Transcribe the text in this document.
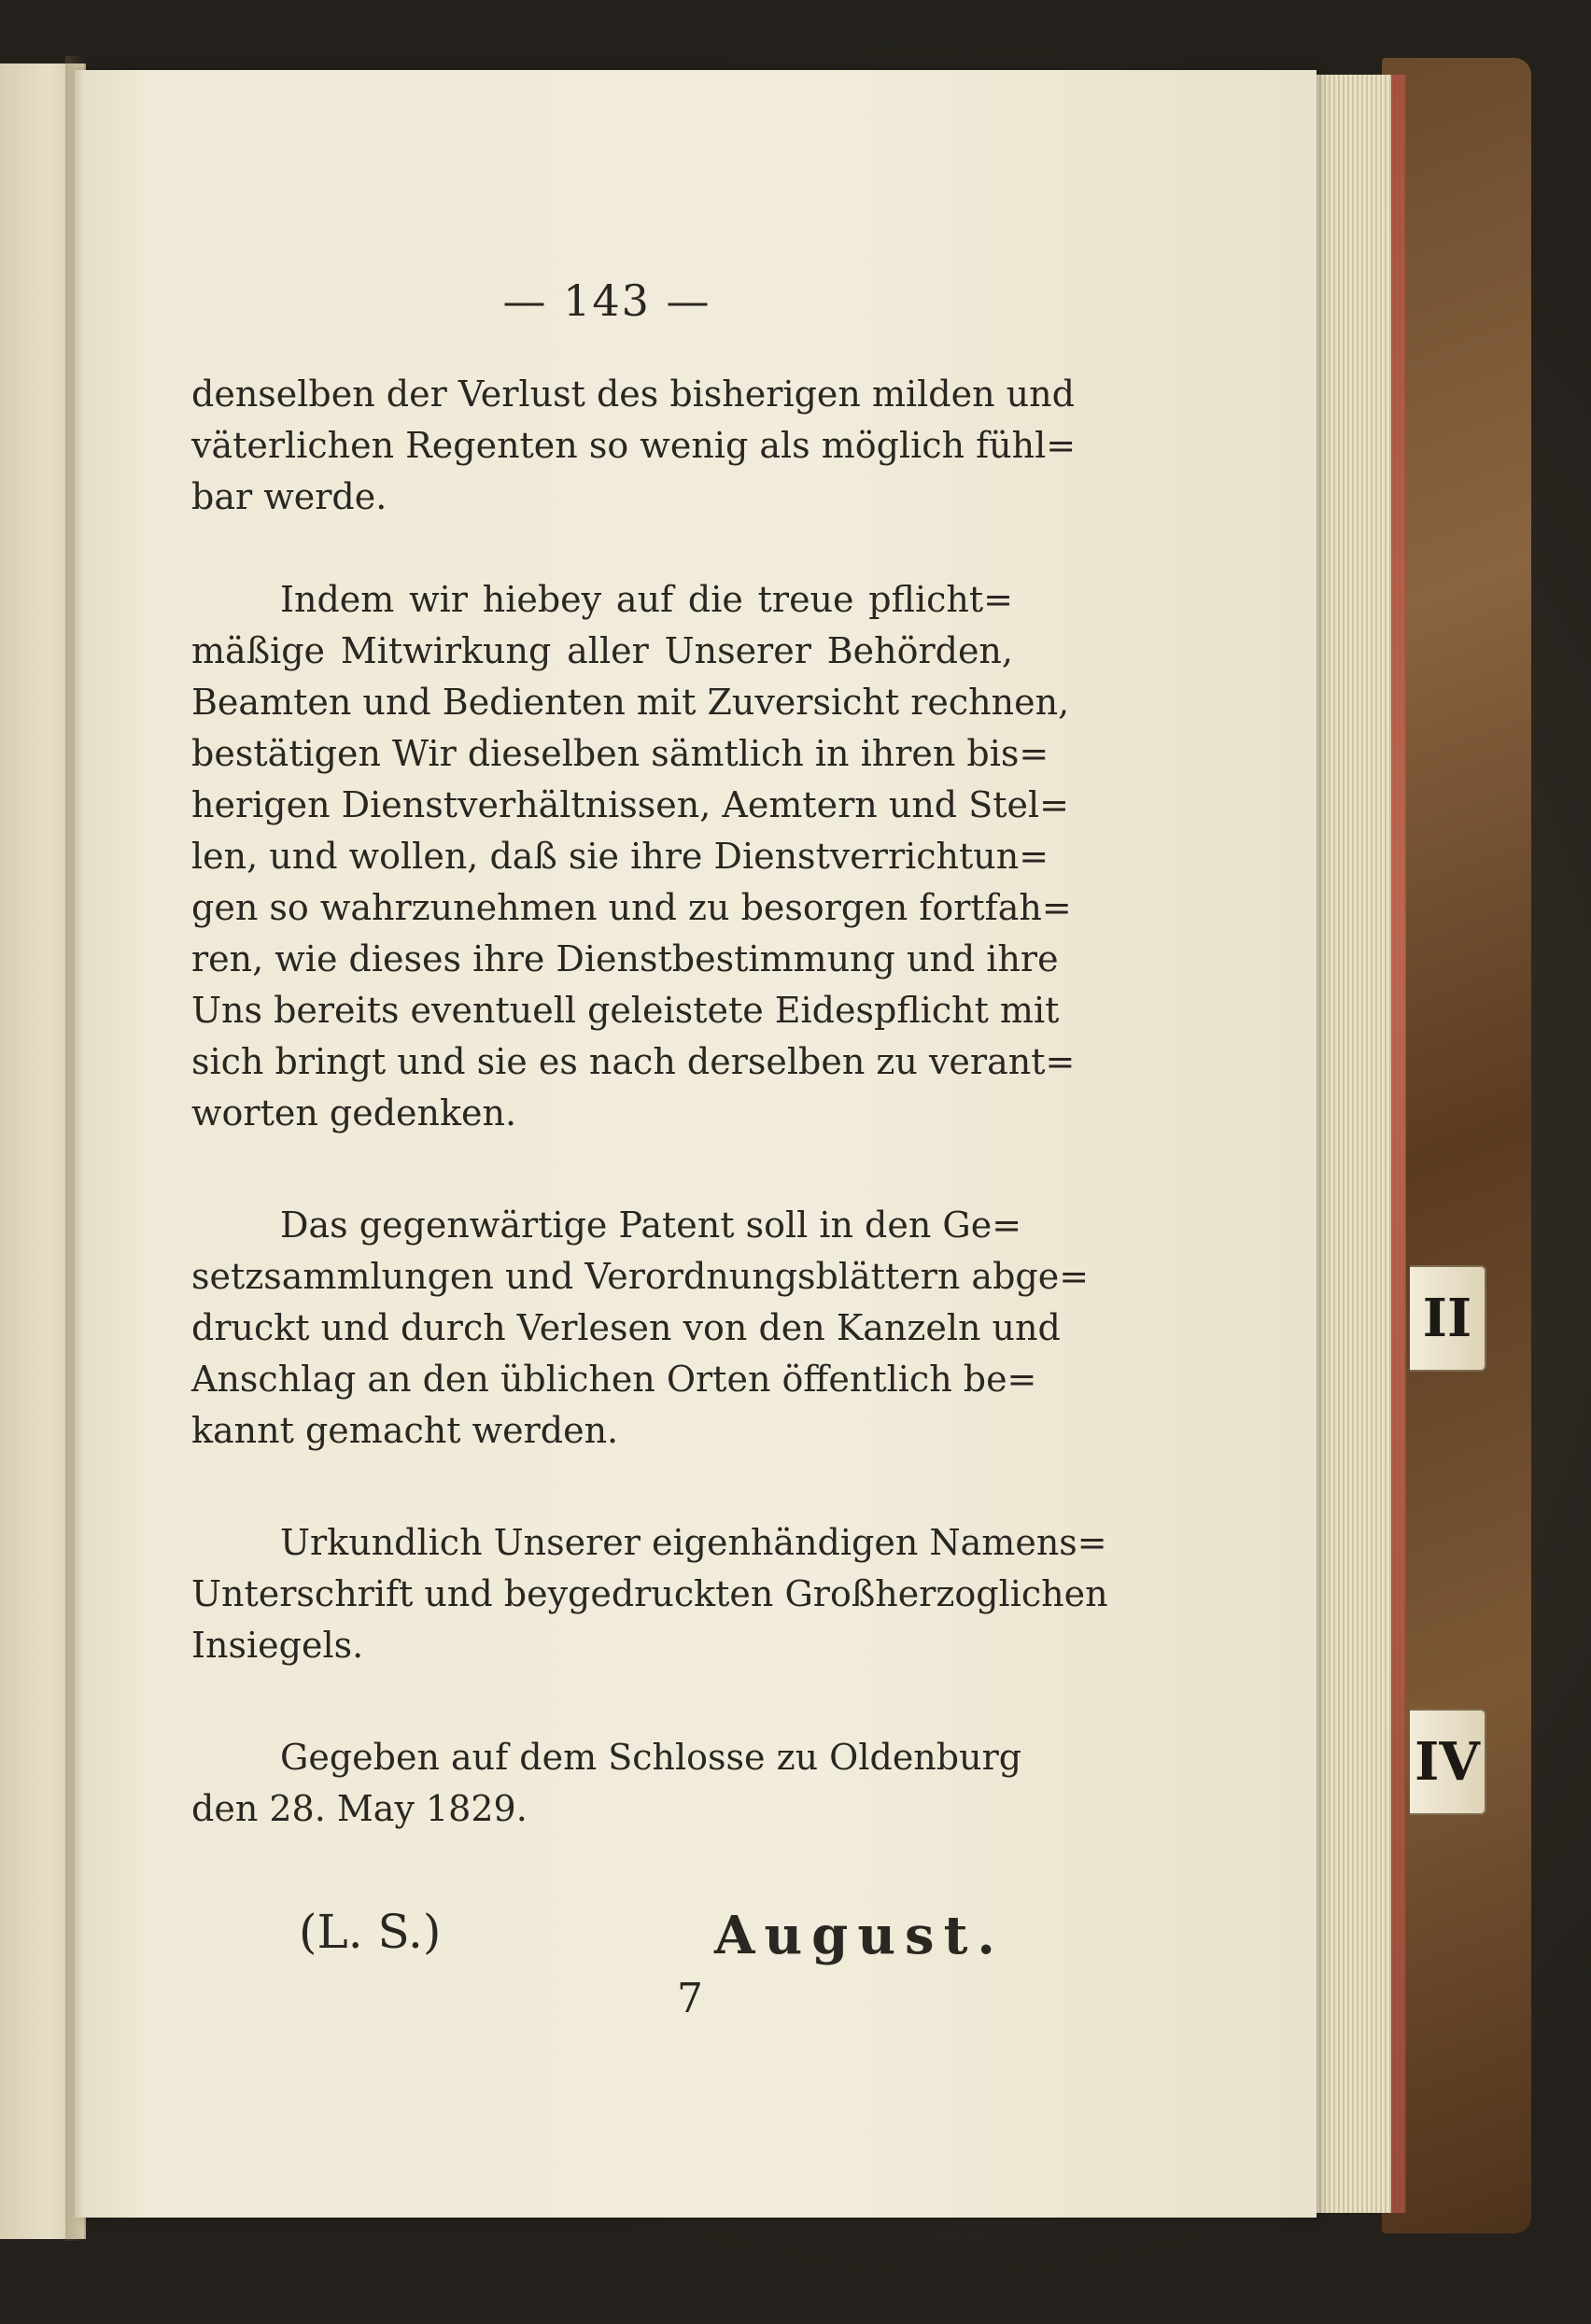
II
IV
— 143 —
denselben der Verlust des bisherigen milden und
väterlichen Regenten so wenig als möglich fühl=
bar werde.
Indem wir hiebey auf die treue pflicht=
mäßige Mitwirkung aller Unserer Behörden,
Beamten und Bedienten mit Zuversicht rechnen,
bestätigen Wir dieselben sämtlich in ihren bis=
herigen Dienstverhältnissen, Aemtern und Stel=
len, und wollen, daß sie ihre Dienstverrichtun=
gen so wahrzunehmen und zu besorgen fortfah=
ren, wie dieses ihre Dienstbestimmung und ihre
Uns bereits eventuell geleistete Eidespflicht mit
sich bringt und sie es nach derselben zu verant=
worten gedenken.
Das gegenwärtige Patent soll in den Ge=
setzsammlungen und Verordnungsblättern abge=
druckt und durch Verlesen von den Kanzeln und
Anschlag an den üblichen Orten öffentlich be=
kannt gemacht werden.
Urkundlich Unserer eigenhändigen Namens=
Unterschrift und beygedruckten Großherzoglichen
Insiegels.
Gegeben auf dem Schlosse zu Oldenburg
den 28. May 1829.
(L. S.)	August.
7
